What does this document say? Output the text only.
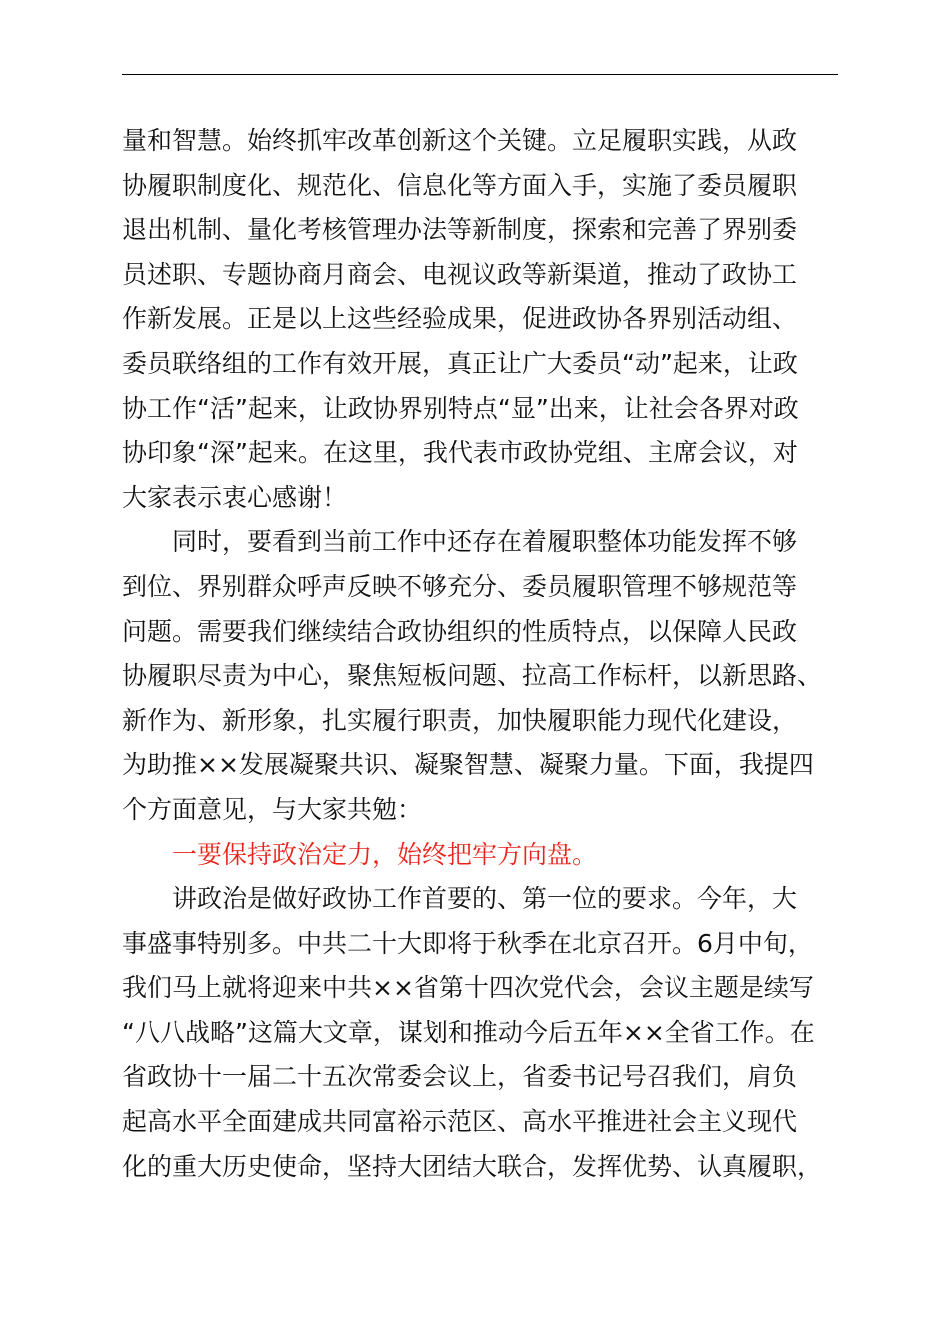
量和智慧。始终抓牢改革创新这个关键。立足履职实践，从政
协履职制度化、规范化、信息化等方面入手，实施了委员履职
退出机制、量化考核管理办法等新制度，探索和完善了界别委
员述职、专题协商月商会、电视议政等新渠道，推动了政协工
作新发展。正是以上这些经验成果，促进政协各界别活动组、
委员联络组的工作有效开展，真正让广大委员“动”起来，让政
协工作“活”起来，让政协界别特点“显”出来，让社会各界对政
协印象“深”起来。在这里，我代表市政协党组、主席会议，对
大家表示衷心感谢！
同时，要看到当前工作中还存在着履职整体功能发挥不够
到位、界别群众呼声反映不够充分、委员履职管理不够规范等
问题。需要我们继续结合政协组织的性质特点，以保障人民政
协履职尽责为中心，聚焦短板问题、拉高工作标杆，以新思路、
新作为、新形象，扎实履行职责，加快履职能力现代化建设，
为助推××发展凝聚共识、凝聚智慧、凝聚力量。下面，我提四
个方面意见，与大家共勉：
一要保持政治定力，始终把牢方向盘。
讲政治是做好政协工作首要的、第一位的要求。今年，大
事盛事特别多。中共二十大即将于秋季在北京召开。6月中旬，
我们马上就将迎来中共××省第十四次党代会，会议主题是续写
“八八战略”这篇大文章，谋划和推动今后五年××全省工作。在
省政协十一届二十五次常委会议上，省委书记号召我们，肩负
起高水平全面建成共同富裕示范区、高水平推进社会主义现代
化的重大历史使命，坚持大团结大联合，发挥优势、认真履职，
